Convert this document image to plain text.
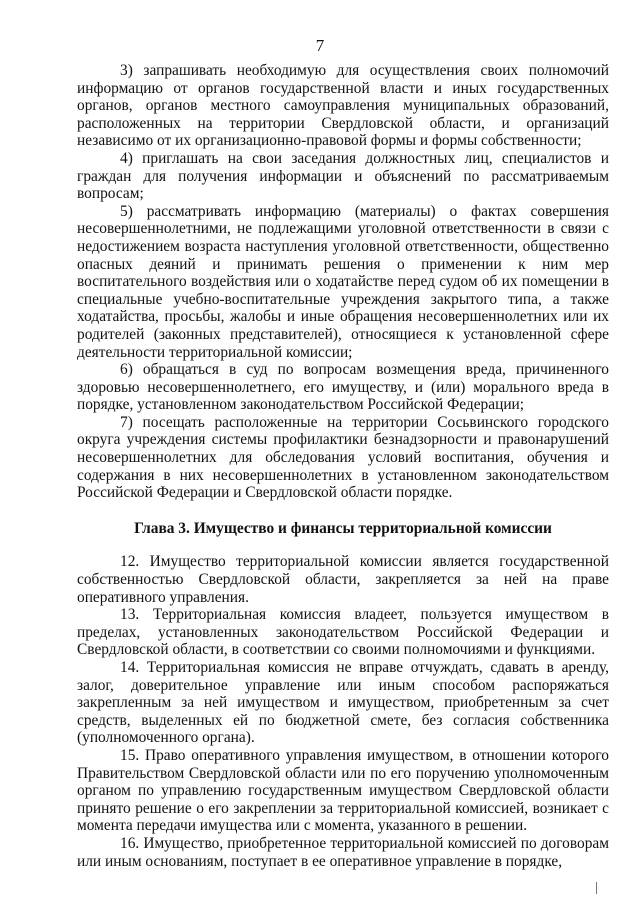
7

3) запрашивать необходимую для осуществления своих полномочий информацию от органов государственной власти и иных государственных органов, органов местного самоуправления муниципальных образований, расположенных на территории Свердловской области, и организаций независимо от их организационно-правовой формы и формы собственности;

4) приглашать на свои заседания должностных лиц, специалистов и граждан для получения информации и объяснений по рассматриваемым вопросам;

5) рассматривать информацию (материалы) о фактах совершения несовершеннолетними, не подлежащими уголовной ответственности в связи с недостижением возраста наступления уголовной ответственности, общественно опасных деяний и принимать решения о применении к ним мер воспитательного воздействия или о ходатайстве перед судом об их помещении в специальные учебно-воспитательные учреждения закрытого типа, а также ходатайства, просьбы, жалобы и иные обращения несовершеннолетних или их родителей (законных представителей), относящиеся к установленной сфере деятельности территориальной комиссии;

6) обращаться в суд по вопросам возмещения вреда, причиненного здоровью несовершеннолетнего, его имуществу, и (или) морального вреда в порядке, установленном законодательством Российской Федерации;

7) посещать расположенные на территории Сосьвинского городского округа учреждения системы профилактики безнадзорности и правонарушений несовершеннолетних для обследования условий воспитания, обучения и содержания в них несовершеннолетних в установленном законодательством Российской Федерации и Свердловской области порядке.

Глава 3. Имущество и финансы территориальной комиссии

12. Имущество территориальной комиссии является государственной собственностью Свердловской области, закрепляется за ней на праве оперативного управления.

13. Территориальная комиссия владеет, пользуется имуществом в пределах, установленных законодательством Российской Федерации и Свердловской области, в соответствии со своими полномочиями и функциями.

14. Территориальная комиссия не вправе отчуждать, сдавать в аренду, залог, доверительное управление или иным способом распоряжаться закрепленным за ней имуществом и имуществом, приобретенным за счет средств, выделенных ей по бюджетной смете, без согласия собственника (уполномоченного органа).

15. Право оперативного управления имуществом, в отношении которого Правительством Свердловской области или по его поручению уполномоченным органом по управлению государственным имуществом Свердловской области принято решение о его закреплении за территориальной комиссией, возникает с момента передачи имущества или с момента, указанного в решении.

16. Имущество, приобретенное территориальной комиссией по договорам или иным основаниям, поступает в ее оперативное управление в порядке,
